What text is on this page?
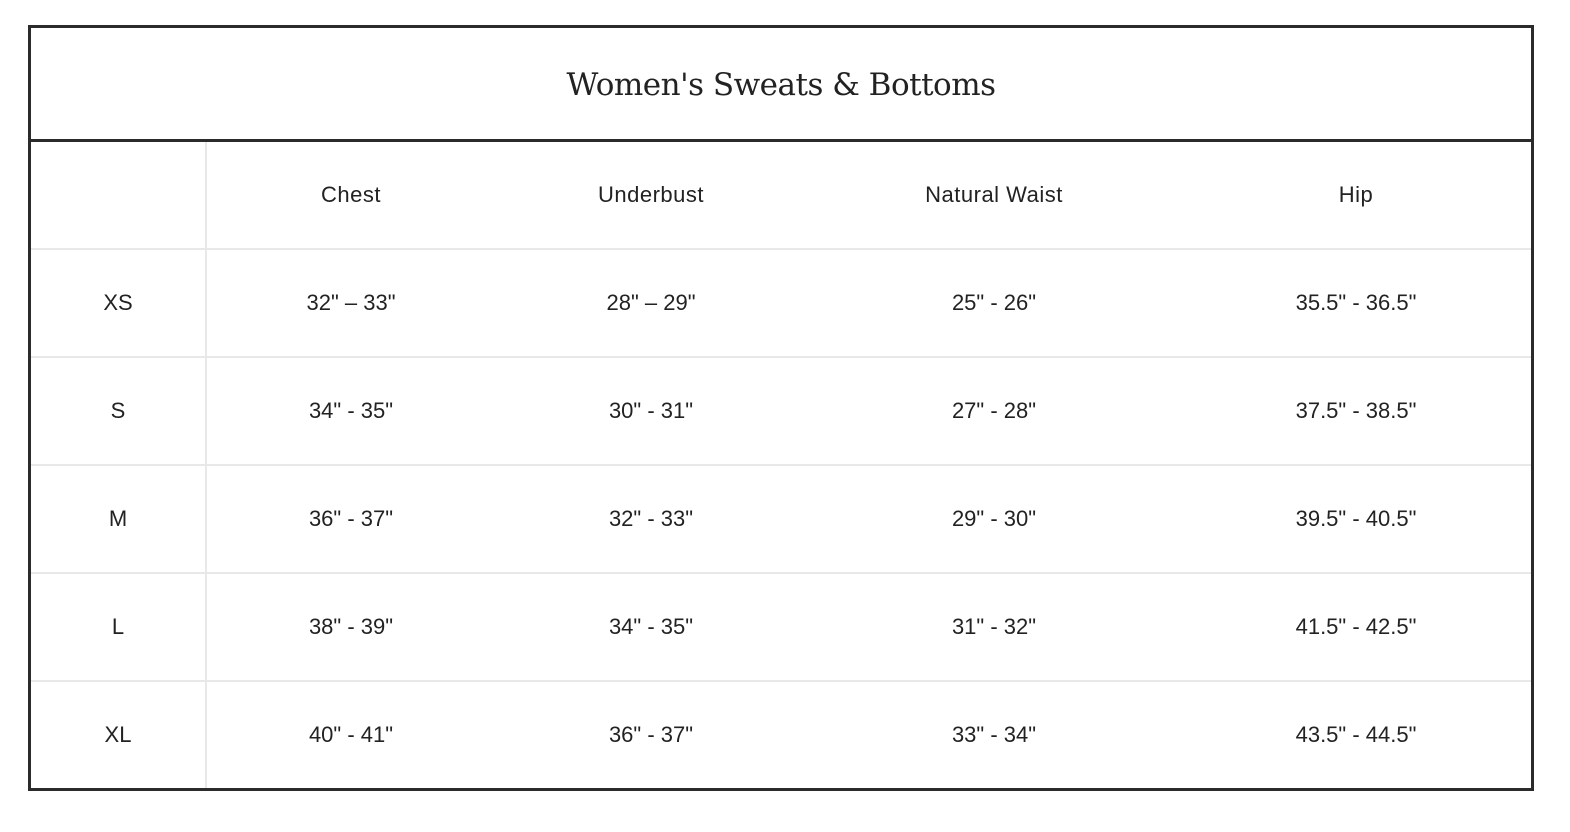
Women's Sweats & Bottoms
	Chest	Underbust	Natural Waist	Hip
XS	32" – 33"	28" – 29"	25" - 26"	35.5" - 36.5"
S	34" - 35"	30" - 31"	27" - 28"	37.5" - 38.5"
M	36" - 37"	32" - 33"	29" - 30"	39.5" - 40.5"
L	38" - 39"	34" - 35"	31" - 32"	41.5" - 42.5"
XL	40" - 41"	36" - 37"	33" - 34"	43.5" - 44.5"
